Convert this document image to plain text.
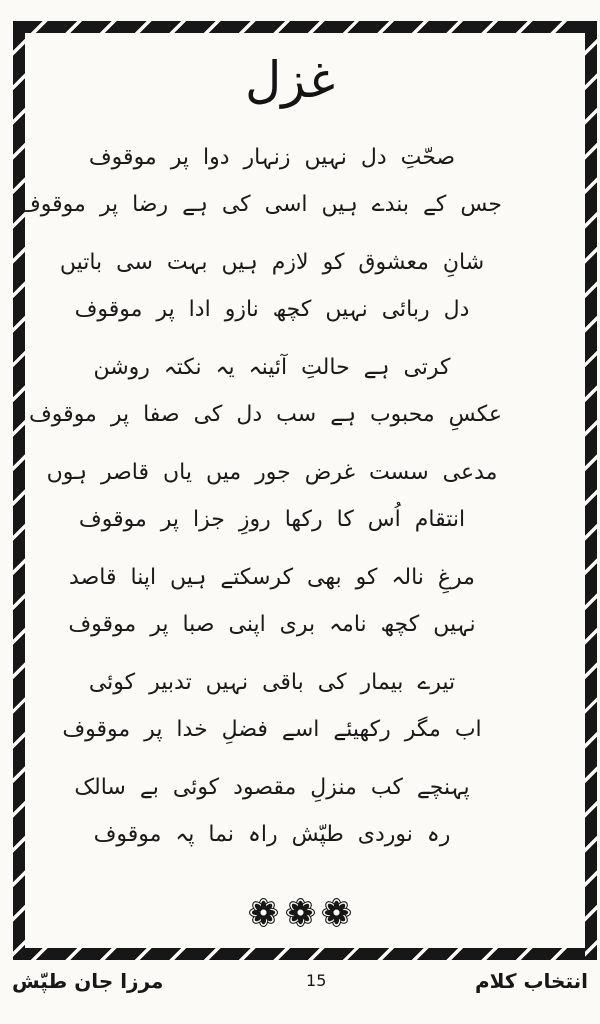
غزل
صحّتِ دل نہیں زنہار دوا پر موقوف
جس کے بندے ہیں اسی کی ہے رضا پر موقوف
شانِ معشوق کو لازم ہیں بہت سی باتیں
دل ربائی نہیں کچھ نازو ادا پر موقوف
کرتی ہے حالتِ آئینہ یہ نکتہ روشن
عکسِ محبوب ہے سب دل کی صفا پر موقوف
مدعی سست غرض جور میں یاں قاصر ہوں
انتقام اُس کا رکھا روزِ جزا پر موقوف
مرغِ نالہ کو بھی کرسکتے ہیں اپنا قاصد
نہیں کچھ نامہ بری اپنی صبا پر موقوف
تیرے بیمار کی باقی نہیں تدبیر کوئی
اب مگر رکھیئے اسے فضلِ خدا پر موقوف
پہنچے کب منزلِ مقصود کوئی بے سالک
رہ نوردی طپّش راہ نما پہ موقوف

مرزا جان طپّش	15	انتخاب کلام
